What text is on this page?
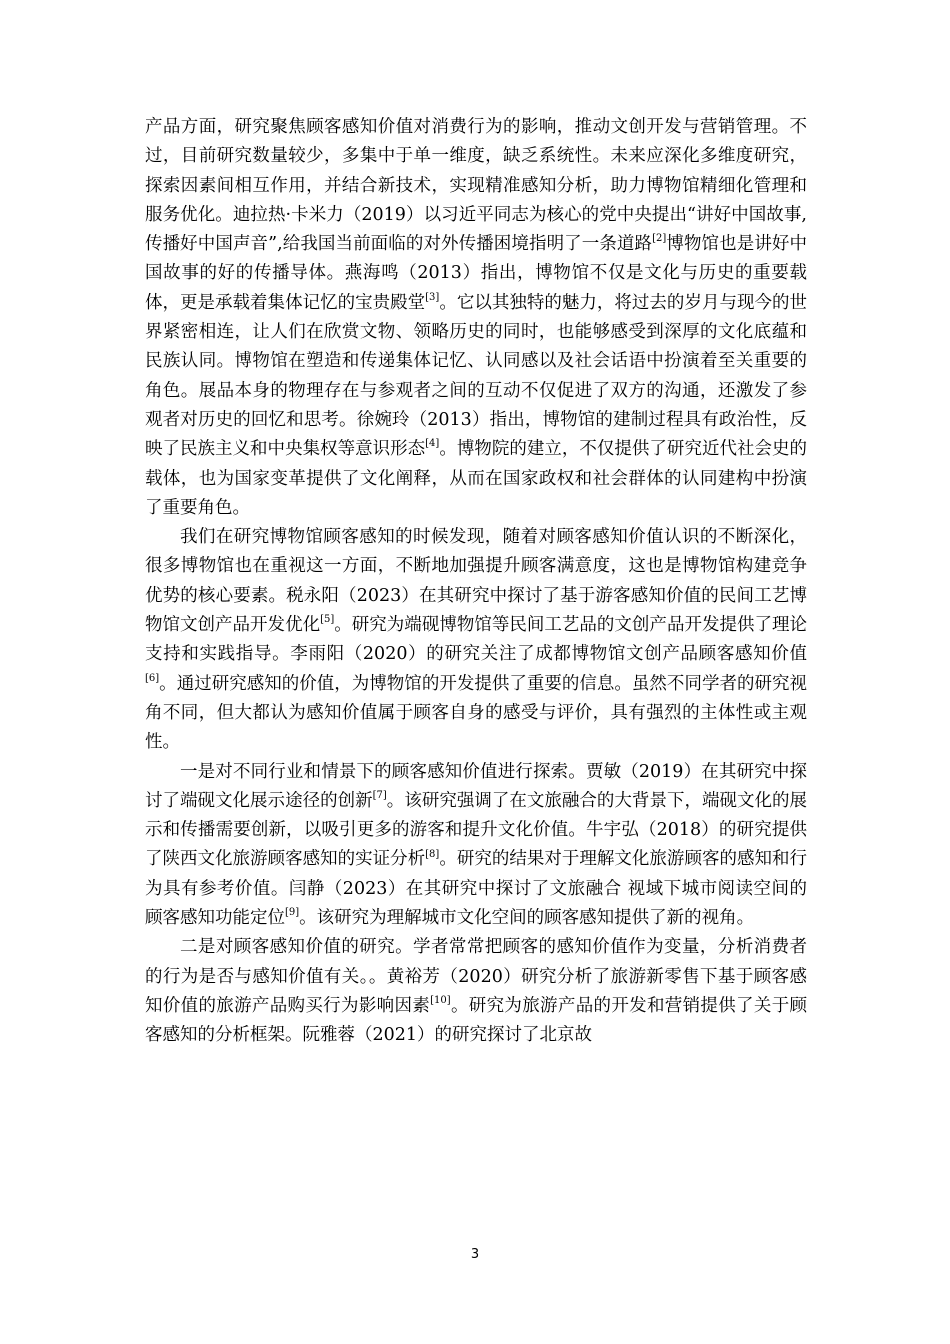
产品方面，研究聚焦顾客感知价值对消费行为的影响，推动文创开发与营销管理。不过，目前研究数量较少，多集中于单一维度，缺乏系统性。未来应深化多维度研究，探索因素间相互作用，并结合新技术，实现精准感知分析，助力博物馆精细化管理和服务优化。迪拉热·卡米力（2019）以习近平同志为核心的党中央提出“讲好中国故事,传播好中国声音”,给我国当前面临的对外传播困境指明了一条道路[2]博物馆也是讲好中国故事的好的传播导体。燕海鸣（2013）指出，博物馆不仅是文化与历史的重要载体，更是承载着集体记忆的宝贵殿堂[3]。它以其独特的魅力，将过去的岁月与现今的世界紧密相连，让人们在欣赏文物、领略历史的同时，也能够感受到深厚的文化底蕴和民族认同。博物馆在塑造和传递集体记忆、认同感以及社会话语中扮演着至关重要的角色。展品本身的物理存在与参观者之间的互动不仅促进了双方的沟通，还激发了参观者对历史的回忆和思考。徐婉玲（2013）指出，博物馆的建制过程具有政治性，反映了民族主义和中央集权等意识形态[4]。博物院的建立，不仅提供了研究近代社会史的载体，也为国家变革提供了文化阐释，从而在国家政权和社会群体的认同建构中扮演了重要角色。

我们在研究博物馆顾客感知的时候发现，随着对顾客感知价值认识的不断深化，很多博物馆也在重视这一方面，不断地加强提升顾客满意度，这也是博物馆构建竞争优势的核心要素。税永阳（2023）在其研究中探讨了基于游客感知价值的民间工艺博物馆文创产品开发优化[5]。研究为端砚博物馆等民间工艺品的文创产品开发提供了理论支持和实践指导。李雨阳（2020）的研究关注了成都博物馆文创产品顾客感知价值[6]。通过研究感知的价值，为博物馆的开发提供了重要的信息。虽然不同学者的研究视角不同，但大都认为感知价值属于顾客自身的感受与评价，具有强烈的主体性或主观性。

一是对不同行业和情景下的顾客感知价值进行探索。贾敏（2019）在其研究中探讨了端砚文化展示途径的创新[7]。该研究强调了在文旅融合的大背景下，端砚文化的展示和传播需要创新，以吸引更多的游客和提升文化价值。牛宇弘（2018）的研究提供了陕西文化旅游顾客感知的实证分析[8]。研究的结果对于理解文化旅游顾客的感知和行为具有参考价值。闫静（2023）在其研究中探讨了文旅融合 视域下城市阅读空间的顾客感知功能定位[9]。该研究为理解城市文化空间的顾客感知提供了新的视角。

二是对顾客感知价值的研究。学者常常把顾客的感知价值作为变量，分析消费者的行为是否与感知价值有关。。黄裕芳（2020）研究分析了旅游新零售下基于顾客感知价值的旅游产品购买行为影响因素[10]。研究为旅游产品的开发和营销提供了关于顾客感知的分析框架。阮雅蓉（2021）的研究探讨了北京故

3
